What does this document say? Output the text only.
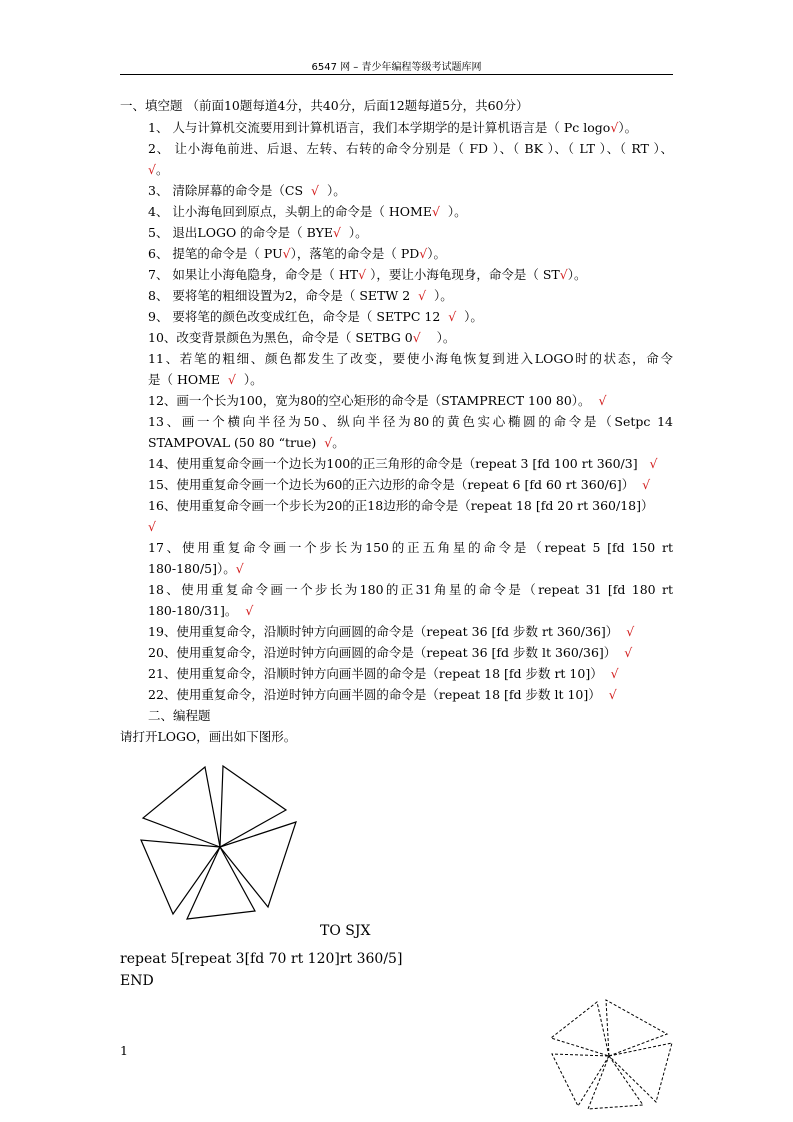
6547 网 – 青少年编程等级考试题库网
一、填空题 （前面10题每道4分，共40分，后面12题每道5分，共60分）
1、 人与计算机交流要用到计算机语言，我们本学期学的是计算机语言是（ Pc logo√）。
2、 让小海龟前进、后退、左转、右转的命令分别是（ FD ）、（ BK ）、（ LT ）、（ RT ）、
√。
3、 清除屏幕的命令是（CS √ ）。
4、 让小海龟回到原点，头朝上的命令是（ HOME√ ）。
5、 退出LOGO 的命令是（ BYE√ ）。
6、 提笔的命令是（ PU√），落笔的命令是（ PD√）。
7、 如果让小海龟隐身，命令是（ HT√ ），要让小海龟现身，命令是（ ST√）。
8、 要将笔的粗细设置为2，命令是（ SETW 2 √ ）。
9、 要将笔的颜色改变成红色，命令是（ SETPC 12 √ ）。
10、改变背景颜色为黑色，命令是（ SETBG 0√ ）。
11、若笔的粗细、颜色都发生了改变，要使小海龟恢复到进入LOGO时的状态，命令
是（ HOME √ ）。
12、画一个长为100，宽为80的空心矩形的命令是（STAMPRECT 100 80）。 √
13、画一个横向半径为50、纵向半径为80的黄色实心椭圆的命令是（Setpc 14
STAMPOVAL (50 80 “true) √。
14、使用重复命令画一个边长为100的正三角形的命令是（repeat 3 [fd 100 rt 360/3] √
15、使用重复命令画一个边长为60的正六边形的命令是（repeat 6 [fd 60 rt 360/6]） √
16、使用重复命令画一个步长为20的正18边形的命令是（repeat 18 [fd 20 rt 360/18]）
√
17、使用重复命令画一个步长为150的正五角星的命令是（repeat 5 [fd 150 rt
180-180/5]）。√
18、使用重复命令画一个步长为180的正31角星的命令是（repeat 31 [fd 180 rt
180-180/31]。 √
19、使用重复命令，沿顺时钟方向画圆的命令是（repeat 36 [fd 步数 rt 360/36]） √
20、使用重复命令，沿逆时钟方向画圆的命令是（repeat 36 [fd 步数 lt 360/36]） √
21、使用重复命令，沿顺时钟方向画半圆的命令是（repeat 18 [fd 步数 rt 10]） √
22、使用重复命令，沿逆时钟方向画半圆的命令是（repeat 18 [fd 步数 lt 10]） √
二、编程题
请打开LOGO，画出如下图形。
TO SJX
repeat 5[repeat 3[fd 70 rt 120]rt 360/5]
END
1
